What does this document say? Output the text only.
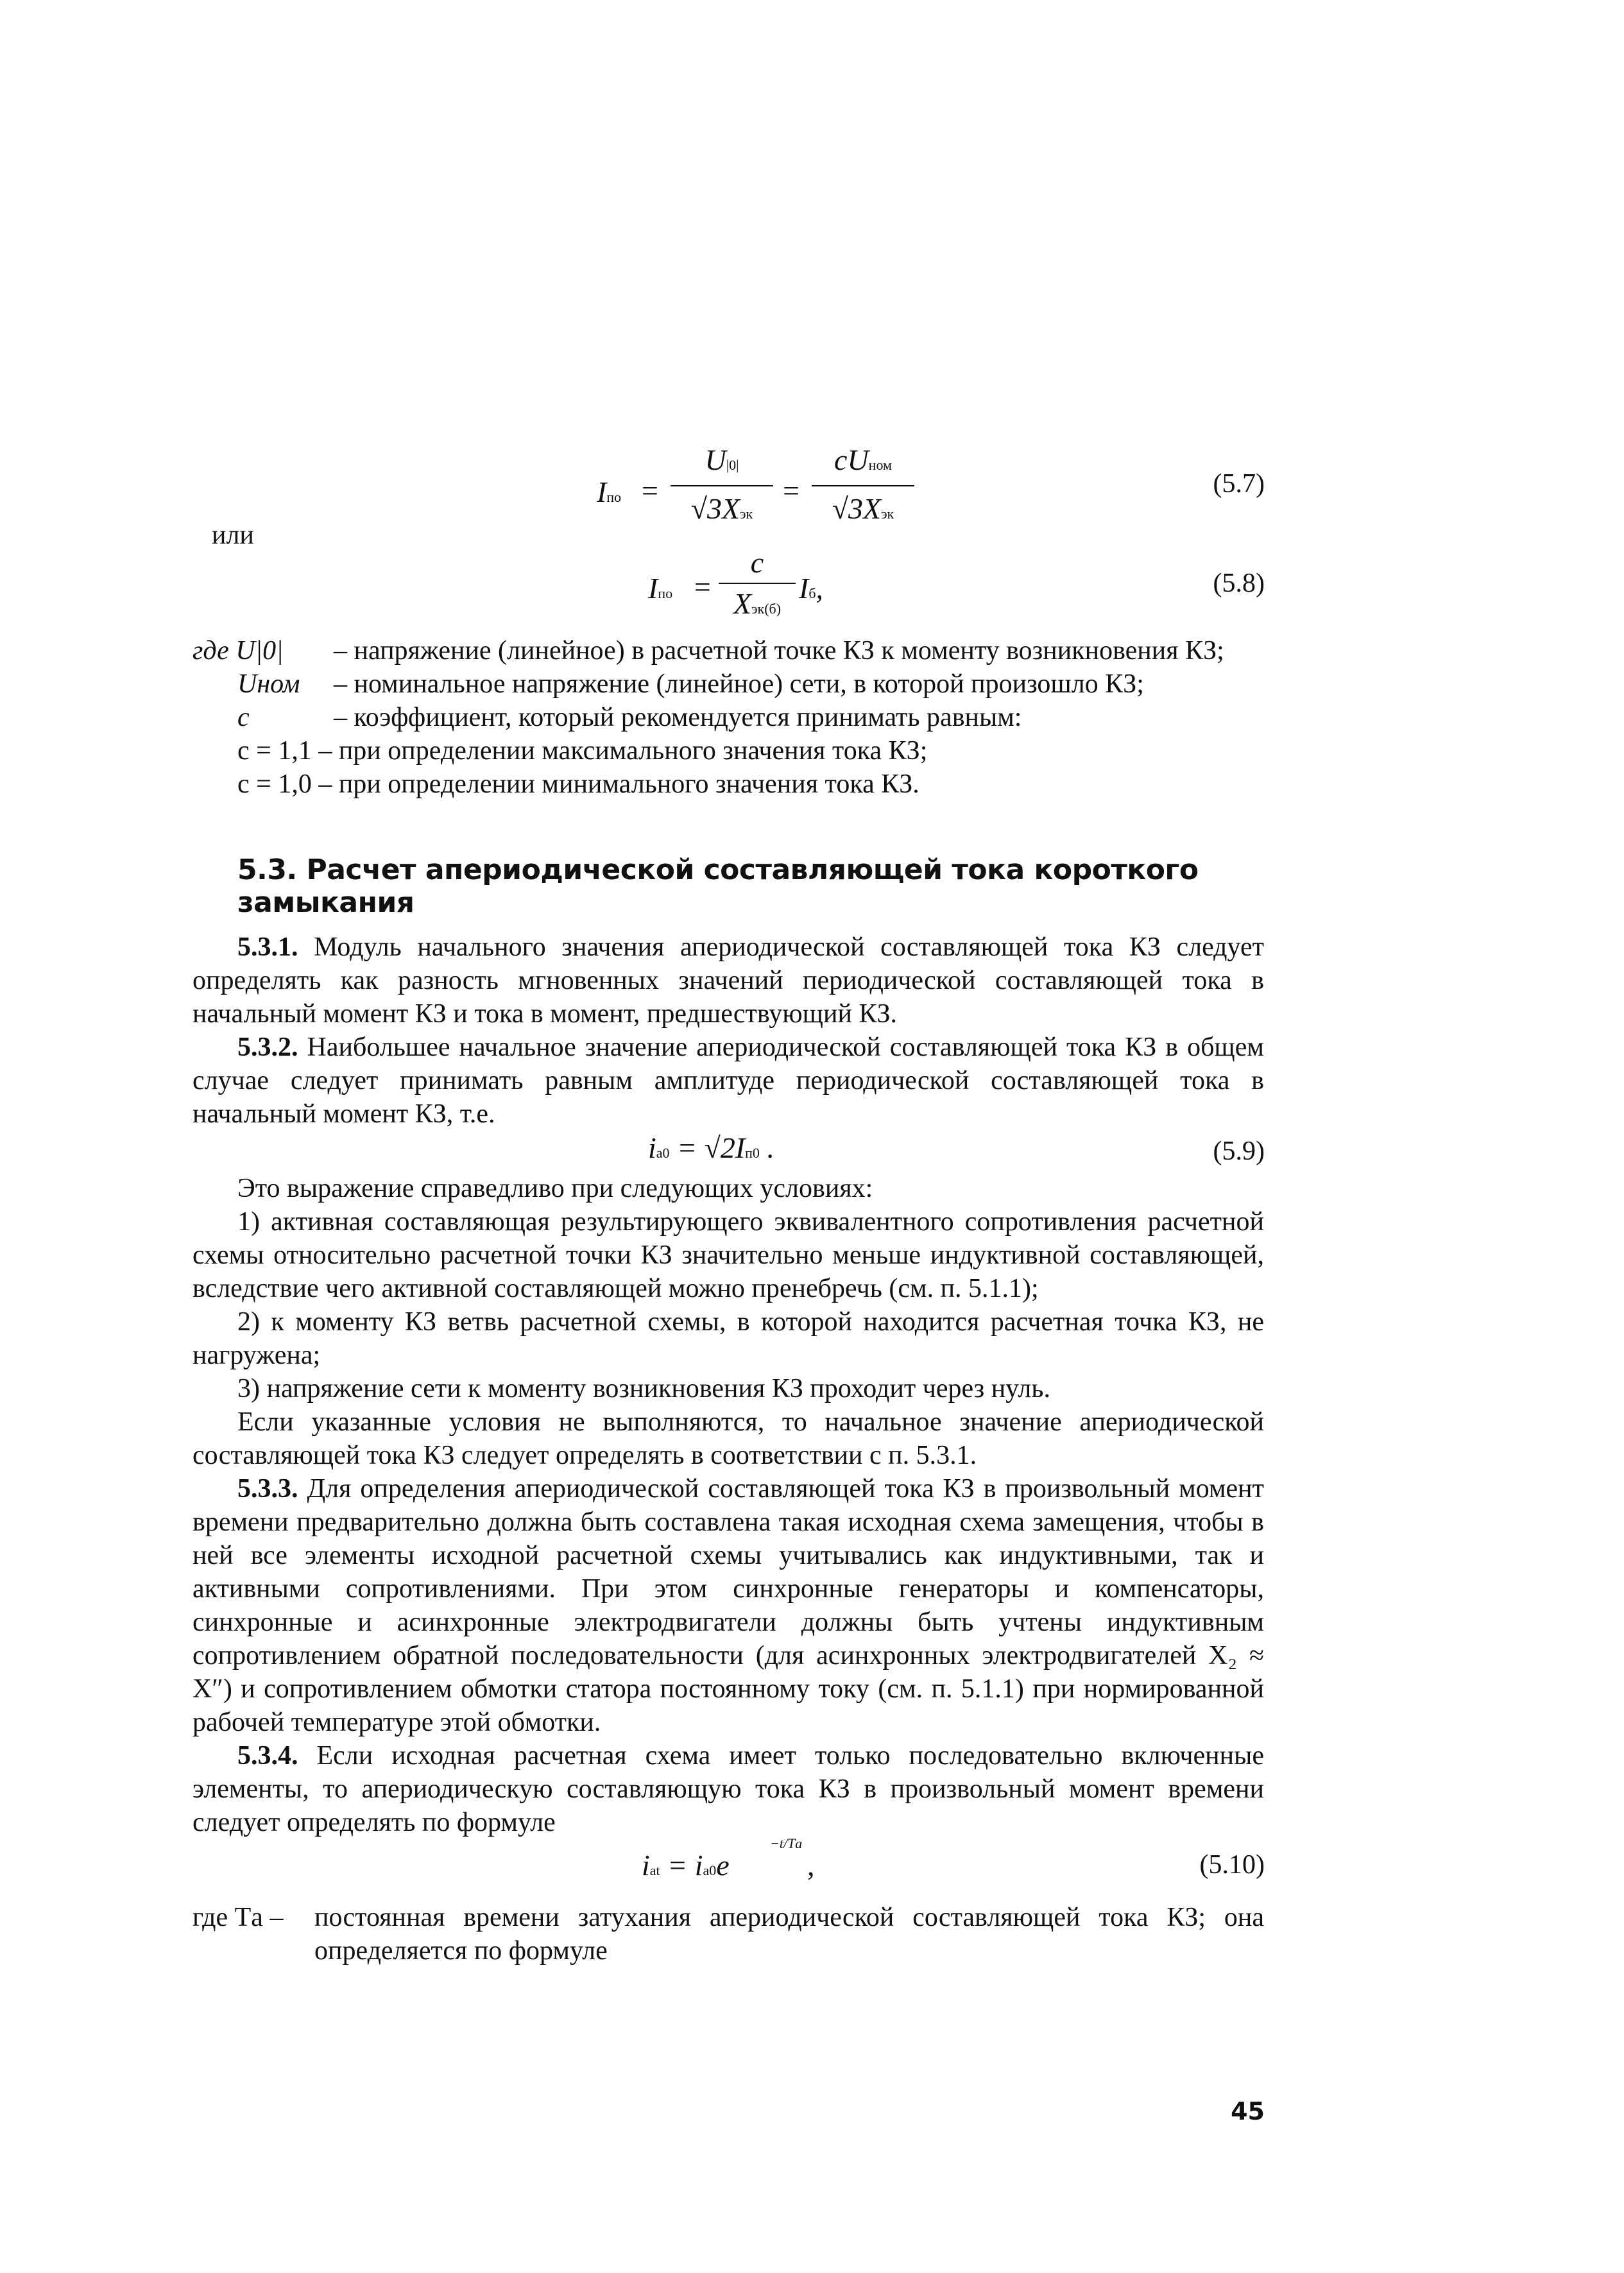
Iпо =
U|0|
√3Xэк
=
cUном
√3Xэк
(5.7)
или
Iпо =
c
Xэк(б)
Iб,	(5.8)
где U|0| – напряжение (линейное) в расчетной точке КЗ к моменту возникновения КЗ;
Uном – номинальное напряжение (линейное) сети, в которой произошло КЗ;
c	– коэффициент, который рекомендуется принимать равным:
c = 1,1 – при определении максимального значения тока КЗ;
c = 1,0 – при определении минимального значения тока КЗ.
5.3. Расчет апериодической составляющей тока короткого замыкания
5.3.1. Модуль начального значения апериодической составляющей тока КЗ следует определять как разность мгновенных значений периодической составляющей тока в начальный момент КЗ и тока в момент, предшествующий КЗ.
5.3.2. Наибольшее начальное значение апериодической составляющей тока КЗ в общем случае следует принимать равным амплитуде периодической составляющей тока в начальный момент КЗ, т.е.
iа0 = √2Iп0 .	(5.9)
Это выражение справедливо при следующих условиях:
1) активная составляющая результирующего эквивалентного сопротивления расчетной схемы относительно расчетной точки КЗ значительно меньше индуктивной составляющей, вследствие чего активной составляющей можно пренебречь (см. п. 5.1.1);
2) к моменту КЗ ветвь расчетной схемы, в которой находится расчетная точка КЗ, не нагружена;
3) напряжение сети к моменту возникновения КЗ проходит через нуль.
Если указанные условия не выполняются, то начальное значение апериодической составляющей тока КЗ следует определять в соответствии с п. 5.3.1.
5.3.3. Для определения апериодической составляющей тока КЗ в произвольный момент времени предварительно должна быть составлена такая исходная схема замещения, чтобы в ней все элементы исходной расчетной схемы учитывались как индуктивными, так и активными сопротивлениями. При этом синхронные генераторы и компенсаторы, синхронные и асинхронные электродвигатели должны быть учтены индуктивным сопротивлением обратной последовательности (для асинхронных электродвигателей X₂ ≈ X″) и сопротивлением обмотки статора постоянному току (см. п. 5.1.1) при нормированной рабочей температуре этой обмотки.
5.3.4. Если исходная расчетная схема имеет только последовательно включенные элементы, то апериодическую составляющую тока КЗ в произвольный момент времени следует определять по формуле
iat = iа0e
−t/Tа
,	(5.10)
где Tа – постоянная времени затухания апериодической составляющей тока КЗ; она определяется по формуле
45
